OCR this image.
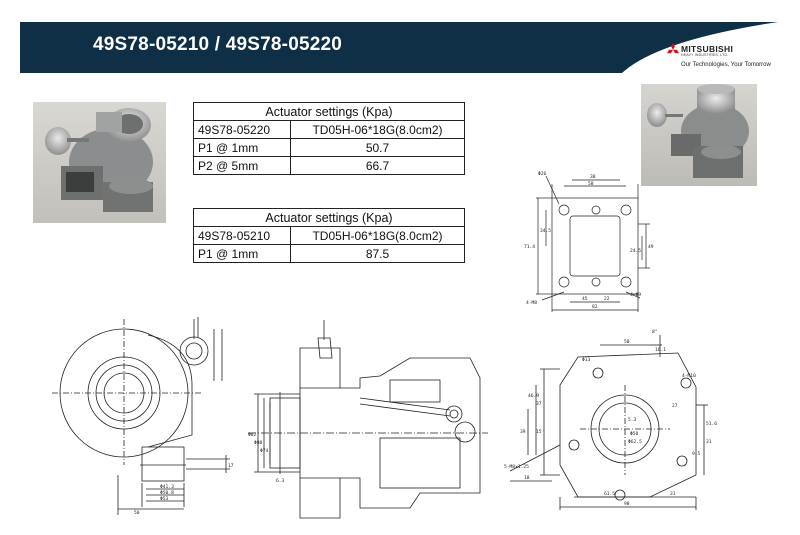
49S78-05210 / 49S78-05220	MITSUBISHI
HEAVY INDUSTRIES, LTD.
Our Technologies, Your Tomorrow
Actuator settings (Kpa)	
49S78-05220	TD05H-06*18G(8.0cm2)
P1 @ 1mm	50.7
P2 @ 5mm	66.7
Actuator settings (Kpa)	
49S78-05210	TD05H-06*18G(8.0cm2)
P1 @ 1mm	87.5
Φ26
38
58
34.5
71.4
24.5
49
4-M8
4-Φ9
45	22
82
Φ41.3
Φ50.8
Φ53
50
17
Φ82
Φ80
Φ74
6.3
50
16.1
8°
Φ13
4-M10
46.9
37
39 15	Φ58
Φ62.5
5.3
5-M8x1.25
18
61.5
98
31
27
51.6
31
9.5
